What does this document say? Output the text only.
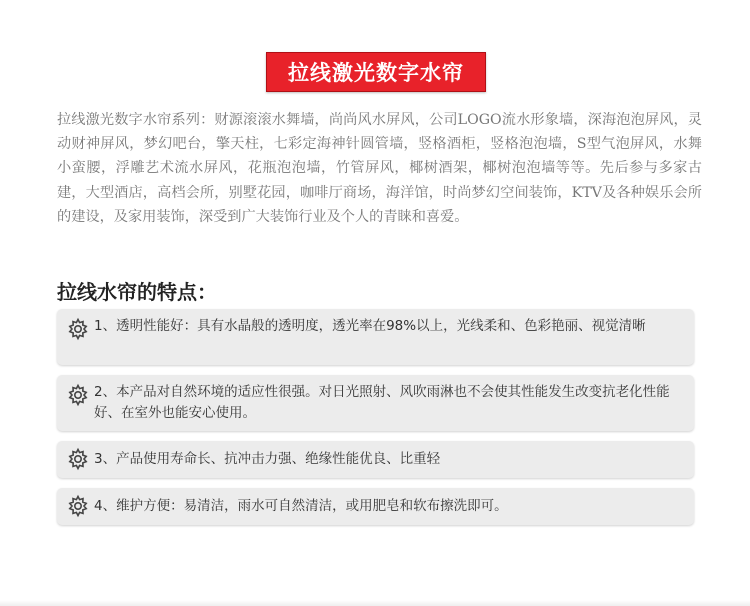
拉线激光数字水帘

拉线激光数字水帘系列：财源滚滚水舞墙，尚尚风水屏风，公司LOGO流水形象墙，深海泡泡屏风，灵动财神屏风，梦幻吧台，擎天柱，七彩定海神针圆管墙，竖格酒柜，竖格泡泡墙，S型气泡屏风，水舞小蛮腰，浮雕艺术流水屏风，花瓶泡泡墙，竹管屏风，椰树酒架，椰树泡泡墙等等。先后参与多家古建，大型酒店，高档会所，别墅花园，咖啡厅商场，海洋馆，时尚梦幻空间装饰，KTV及各种娱乐会所的建设，及家用装饰，深受到广大装饰行业及个人的青睐和喜爱。

拉线水帘的特点：
1、透明性能好：具有水晶般的透明度，透光率在98%以上，光线柔和、色彩艳丽、视觉清晰
2、本产品对自然环境的适应性很强。对日光照射、风吹雨淋也不会使其性能发生改变抗老化性能好、在室外也能安心使用。
3、产品使用寿命长、抗冲击力强、绝缘性能优良、比重轻
4、维护方便：易清洁，雨水可自然清洁，或用肥皂和软布擦洗即可。
